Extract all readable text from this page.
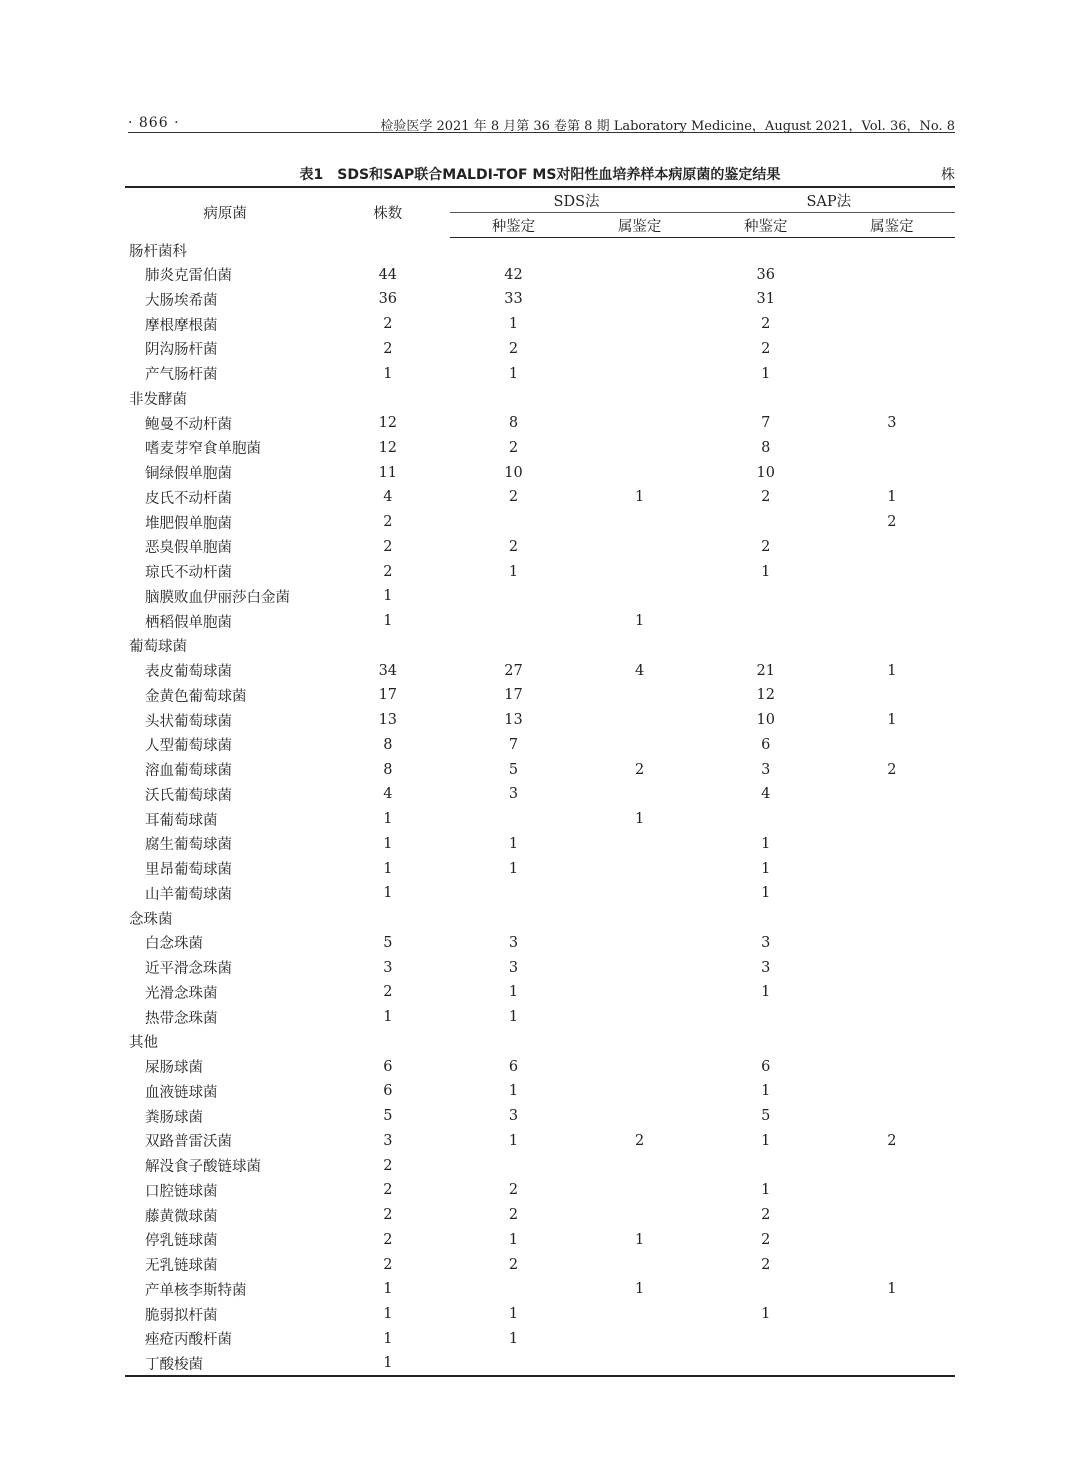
· 866 ·	检验医学 2021 年 8 月第 36 卷第 8 期 Laboratory Medicine，August 2021，Vol. 36，No. 8
表1 SDS和SAP联合MALDI-TOF MS对阳性血培养样本病原菌的鉴定结果	株
病原菌	株数	SDS法		SAP法	
		种鉴定	属鉴定	种鉴定	属鉴定
肠杆菌科					
肺炎克雷伯菌	44	42		36	
大肠埃希菌	36	33		31	
摩根摩根菌	2	1		2	
阴沟肠杆菌	2	2		2	
产气肠杆菌	1	1		1	
非发酵菌					
鲍曼不动杆菌	12	8		7	3
嗜麦芽窄食单胞菌	12	2		8	
铜绿假单胞菌	11	10		10	
皮氏不动杆菌	4	2	1	2	1
堆肥假单胞菌	2				2
恶臭假单胞菌	2	2		2	
琼氏不动杆菌	2	1		1	
脑膜败血伊丽莎白金菌	1				
栖稻假单胞菌	1		1		
葡萄球菌					
表皮葡萄球菌	34	27	4	21	1
金黄色葡萄球菌	17	17		12	
头状葡萄球菌	13	13		10	1
人型葡萄球菌	8	7		6	
溶血葡萄球菌	8	5	2	3	2
沃氏葡萄球菌	4	3		4	
耳葡萄球菌	1		1		
腐生葡萄球菌	1	1		1	
里昂葡萄球菌	1	1		1	
山羊葡萄球菌	1			1	
念珠菌					
白念珠菌	5	3		3	
近平滑念珠菌	3	3		3	
光滑念珠菌	2	1		1	
热带念珠菌	1	1			
其他					
屎肠球菌	6	6		6	
血液链球菌	6	1		1	
粪肠球菌	5	3		5	
双路普雷沃菌	3	1	2	1	2
解没食子酸链球菌	2				
口腔链球菌	2	2		1	
藤黄微球菌	2	2		2	
停乳链球菌	2	1	1	2	
无乳链球菌	2	2		2	
产单核李斯特菌	1		1		1
脆弱拟杆菌	1	1		1	
痤疮丙酸杆菌	1	1			
丁酸梭菌	1				
